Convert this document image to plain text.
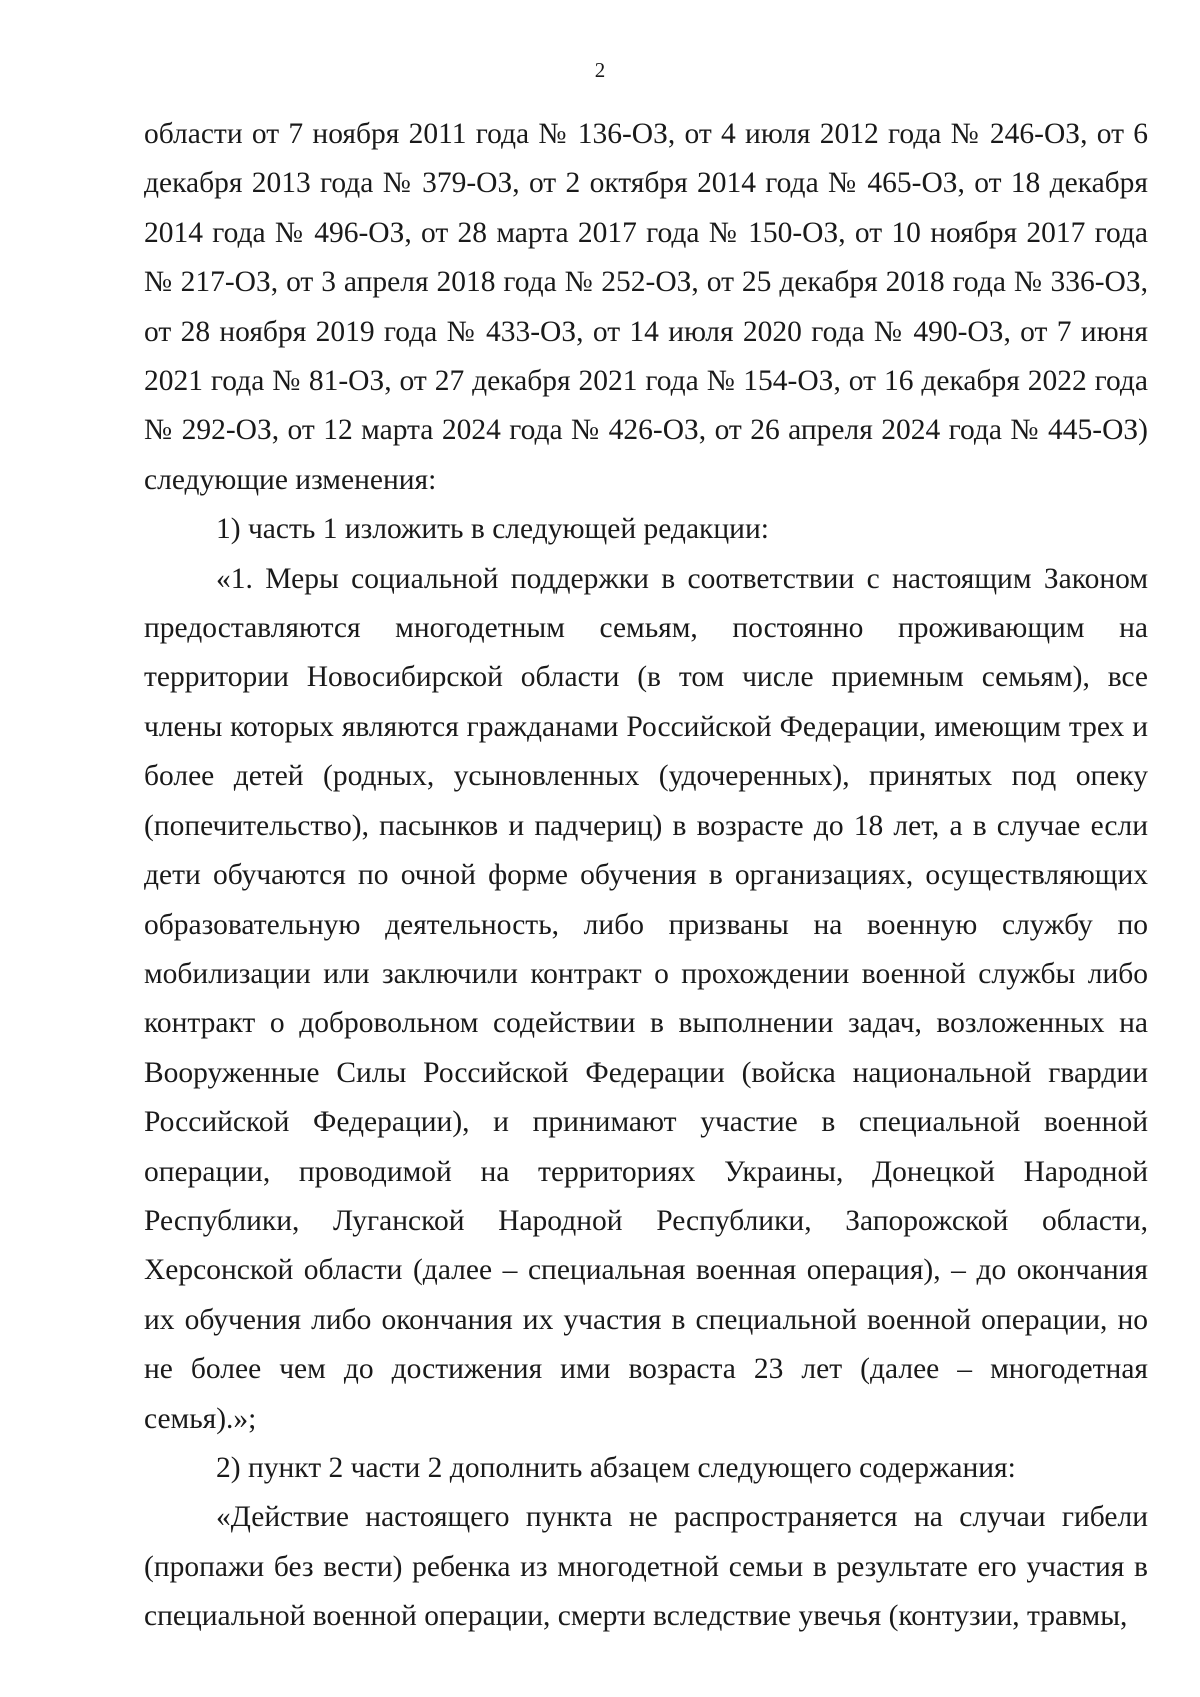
2

области от 7 ноября 2011 года № 136-ОЗ, от 4 июля 2012 года № 246-ОЗ, от 6 декабря 2013 года № 379-ОЗ, от 2 октября 2014 года № 465-ОЗ, от 18 декабря 2014 года № 496-ОЗ, от 28 марта 2017 года № 150-ОЗ, от 10 ноября 2017 года № 217-ОЗ, от 3 апреля 2018 года № 252-ОЗ, от 25 декабря 2018 года № 336-ОЗ, от 28 ноября 2019 года № 433-ОЗ, от 14 июля 2020 года № 490-ОЗ, от 7 июня 2021 года № 81-ОЗ, от 27 декабря 2021 года № 154-ОЗ, от 16 декабря 2022 года № 292-ОЗ, от 12 марта 2024 года № 426-ОЗ, от 26 апреля 2024 года № 445-ОЗ) следующие изменения:

1) часть 1 изложить в следующей редакции:

«1. Меры социальной поддержки в соответствии с настоящим Законом предоставляются многодетным семьям, постоянно проживающим на территории Новосибирской области (в том числе приемным семьям), все члены которых являются гражданами Российской Федерации, имеющим трех и более детей (родных, усыновленных (удочеренных), принятых под опеку (попечительство), пасынков и падчериц) в возрасте до 18 лет, а в случае если дети обучаются по очной форме обучения в организациях, осуществляющих образовательную деятельность, либо призваны на военную службу по мобилизации или заключили контракт о прохождении военной службы либо контракт о добровольном содействии в выполнении задач, возложенных на Вооруженные Силы Российской Федерации (войска национальной гвардии Российской Федерации), и принимают участие в специальной военной операции, проводимой на территориях Украины, Донецкой Народной Республики, Луганской Народной Республики, Запорожской области, Херсонской области (далее – специальная военная операция), – до окончания их обучения либо окончания их участия в специальной военной операции, но не более чем до достижения ими возраста 23 лет (далее – многодетная семья).»;

2) пункт 2 части 2 дополнить абзацем следующего содержания:

«Действие настоящего пункта не распространяется на случаи гибели (пропажи без вести) ребенка из многодетной семьи в результате его участия в специальной военной операции, смерти вследствие увечья (контузии, травмы,
